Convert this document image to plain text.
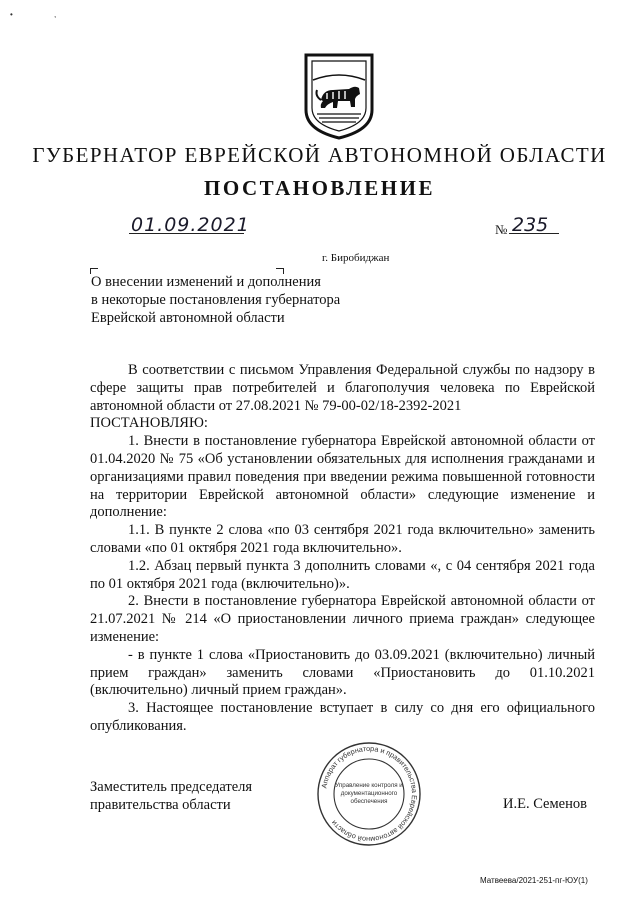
•	,
ГУБЕРНАТОР ЕВРЕЙСКОЙ АВТОНОМНОЙ ОБЛАСТИ
ПОСТАНОВЛЕНИЕ
01.09.2021	№ 235
г. Биробиджан
О внесении изменений и дополнения
в некоторые постановления губернатора
Еврейской автономной области

В соответствии с письмом Управления Федеральной службы по надзору в сфере защиты прав потребителей и благополучия человека по Еврейской автономной области от 27.08.2021 № 79-00-02/18-2392-2021

ПОСТАНОВЛЯЮ:

1. Внести в постановление губернатора Еврейской автономной области от 01.04.2020 № 75 «Об установлении обязательных для исполнения гражданами и организациями правил поведения при введении режима повышенной готовности на территории Еврейской автономной области» следующие изменение и дополнение:

1.1. В пункте 2 слова «по 03 сентября 2021 года включительно» заменить словами «по 01 октября 2021 года включительно».

1.2. Абзац первый пункта 3 дополнить словами «, с 04 сентября 2021 года по 01 октября 2021 года (включительно)».

2. Внести в постановление губернатора Еврейской автономной области от 21.07.2021 № 214 «О приостановлении личного приема граждан» следующее изменение:

- в пункте 1 слова «Приостановить до 03.09.2021 (включительно) личный прием граждан» заменить словами «Приостановить до 01.10.2021 (включительно) личный прием граждан».

3. Настоящее постановление вступает в силу со дня его официального опубликования.

Заместитель председателя
правительства области	И.Е. Семенов
Аппарат губернатора и правительства Еврейской автономной области
Управление контроля и
документационного
обеспечения
Матвеева/2021-251-пг-ЮУ(1)
